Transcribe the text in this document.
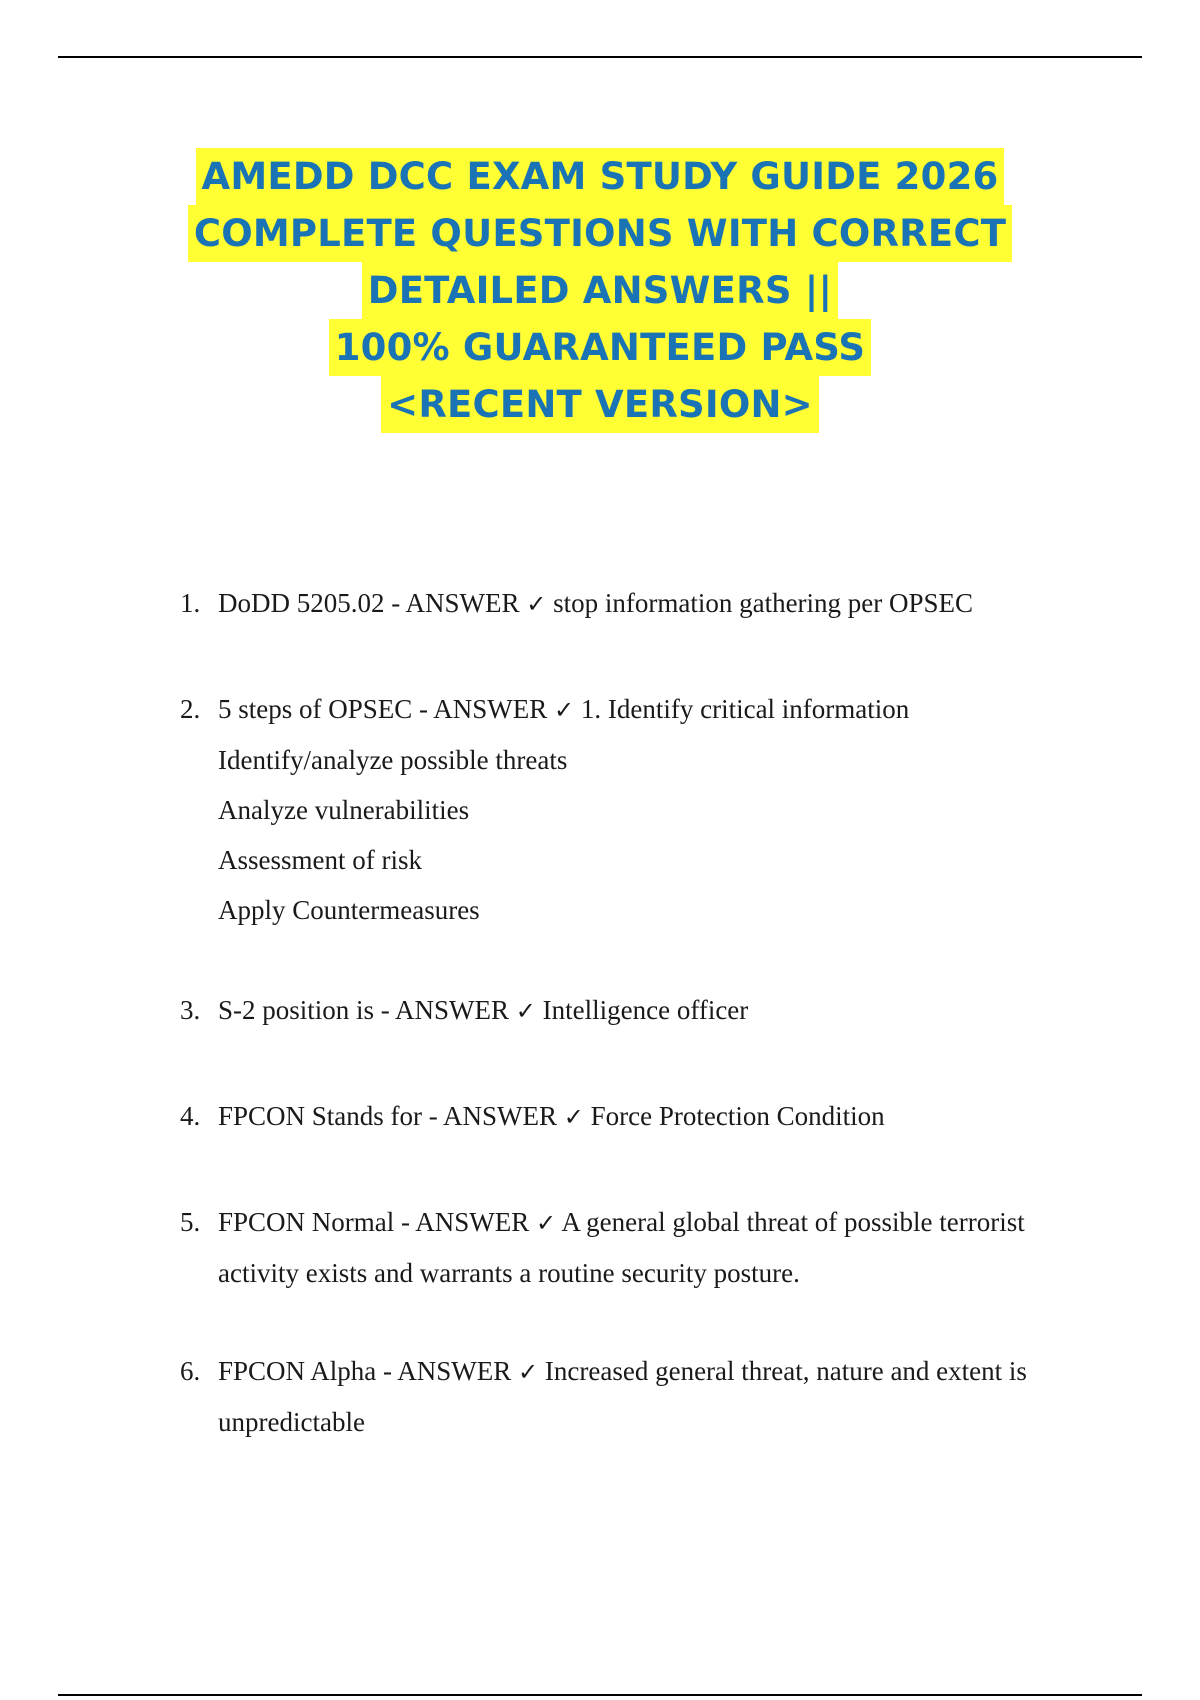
AMEDD DCC EXAM STUDY GUIDE 2026
COMPLETE QUESTIONS WITH CORRECT
DETAILED ANSWERS ||
100% GUARANTEED PASS
<RECENT VERSION>
1. DoDD 5205.02 - ANSWER ✓ stop information gathering per OPSEC
2. 5 steps of OPSEC - ANSWER ✓ 1. Identify critical information
Identify/analyze possible threats
Analyze vulnerabilities
Assessment of risk
Apply Countermeasures
3. S-2 position is - ANSWER ✓ Intelligence officer
4. FPCON Stands for - ANSWER ✓ Force Protection Condition
5. FPCON Normal - ANSWER ✓ A general global threat of possible terrorist
activity exists and warrants a routine security posture.
6. FPCON Alpha - ANSWER ✓ Increased general threat, nature and extent is
unpredictable
